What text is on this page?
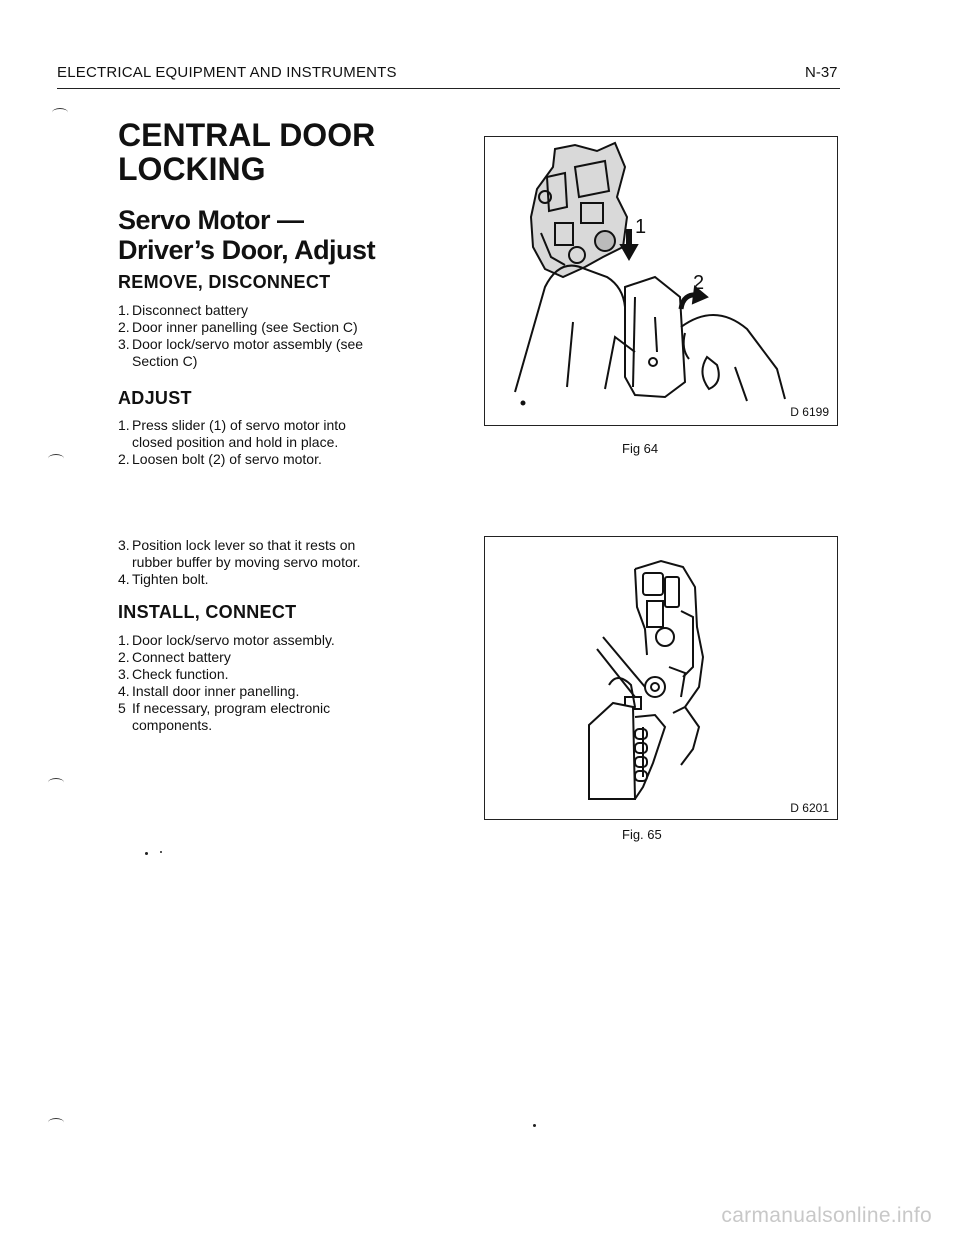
ELECTRICAL EQUIPMENT AND INSTRUMENTS	N-37
CENTRAL DOOR
LOCKING
Servo Motor —
Driver’s Door, Adjust
REMOVE, DISCONNECT
1. Disconnect battery
2. Door inner panelling (see Section C)
3. Door lock/servo motor assembly (see Section C)
ADJUST
1. Press slider (1) of servo motor into closed position and hold in place.
2. Loosen bolt (2) of servo motor.
3. Position lock lever so that it rests on rubber buffer by moving servo motor.
4. Tighten bolt.
INSTALL, CONNECT
1. Door lock/servo motor assembly.
2. Connect battery
3. Check function.
4. Install door inner panelling.
5 If necessary, program electronic components.
1
2
D 6199
Fig 64
D 6201
Fig. 65
carmanualsonline.info
